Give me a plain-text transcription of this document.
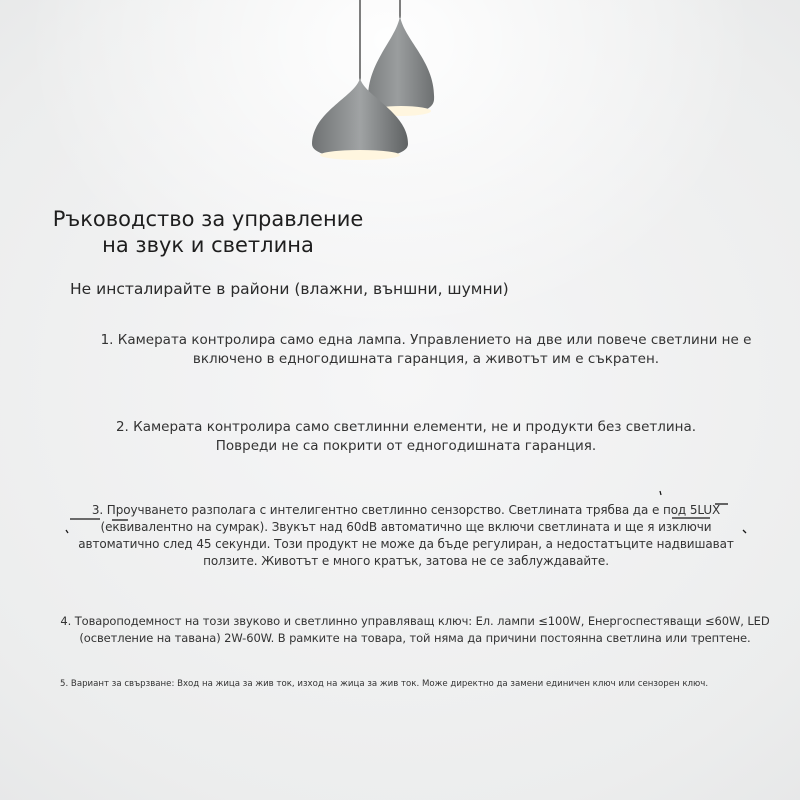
Ръководство за управление
на звук и светлина
Не инсталирайте в райони (влажни, външни, шумни)
1. Камерата контролира само една лампа. Управлението на две или повече светлини не е
включено в едногодишната гаранция, а животът им е съкратен.
2. Камерата контролира само светлинни елементи, не и продукти без светлина.
Повреди не са покрити от едногодишната гаранция.
3. Проучването разполага с интелигентно светлинно сензорство. Светлината трябва да е под 5LUX
(еквивалентно на сумрак). Звукът над 60dB автоматично ще включи светлината и ще я изключи
автоматично след 45 секунди. Този продукт не може да бъде регулиран, а недостатъците надвишават
ползите. Животът е много кратък, затова не се заблуждавайте.
4. Товароподемност на този звуково и светлинно управляващ ключ: Ел. лампи ≤100W, Енергоспестяващи ≤60W, LED
(осветление на тавана) 2W-60W. В рамките на товара, той няма да причини постоянна светлина или трептене.
5. Вариант за свързване: Вход на жица за жив ток, изход на жица за жив ток. Може директно да замени единичен ключ или сензорен ключ.
